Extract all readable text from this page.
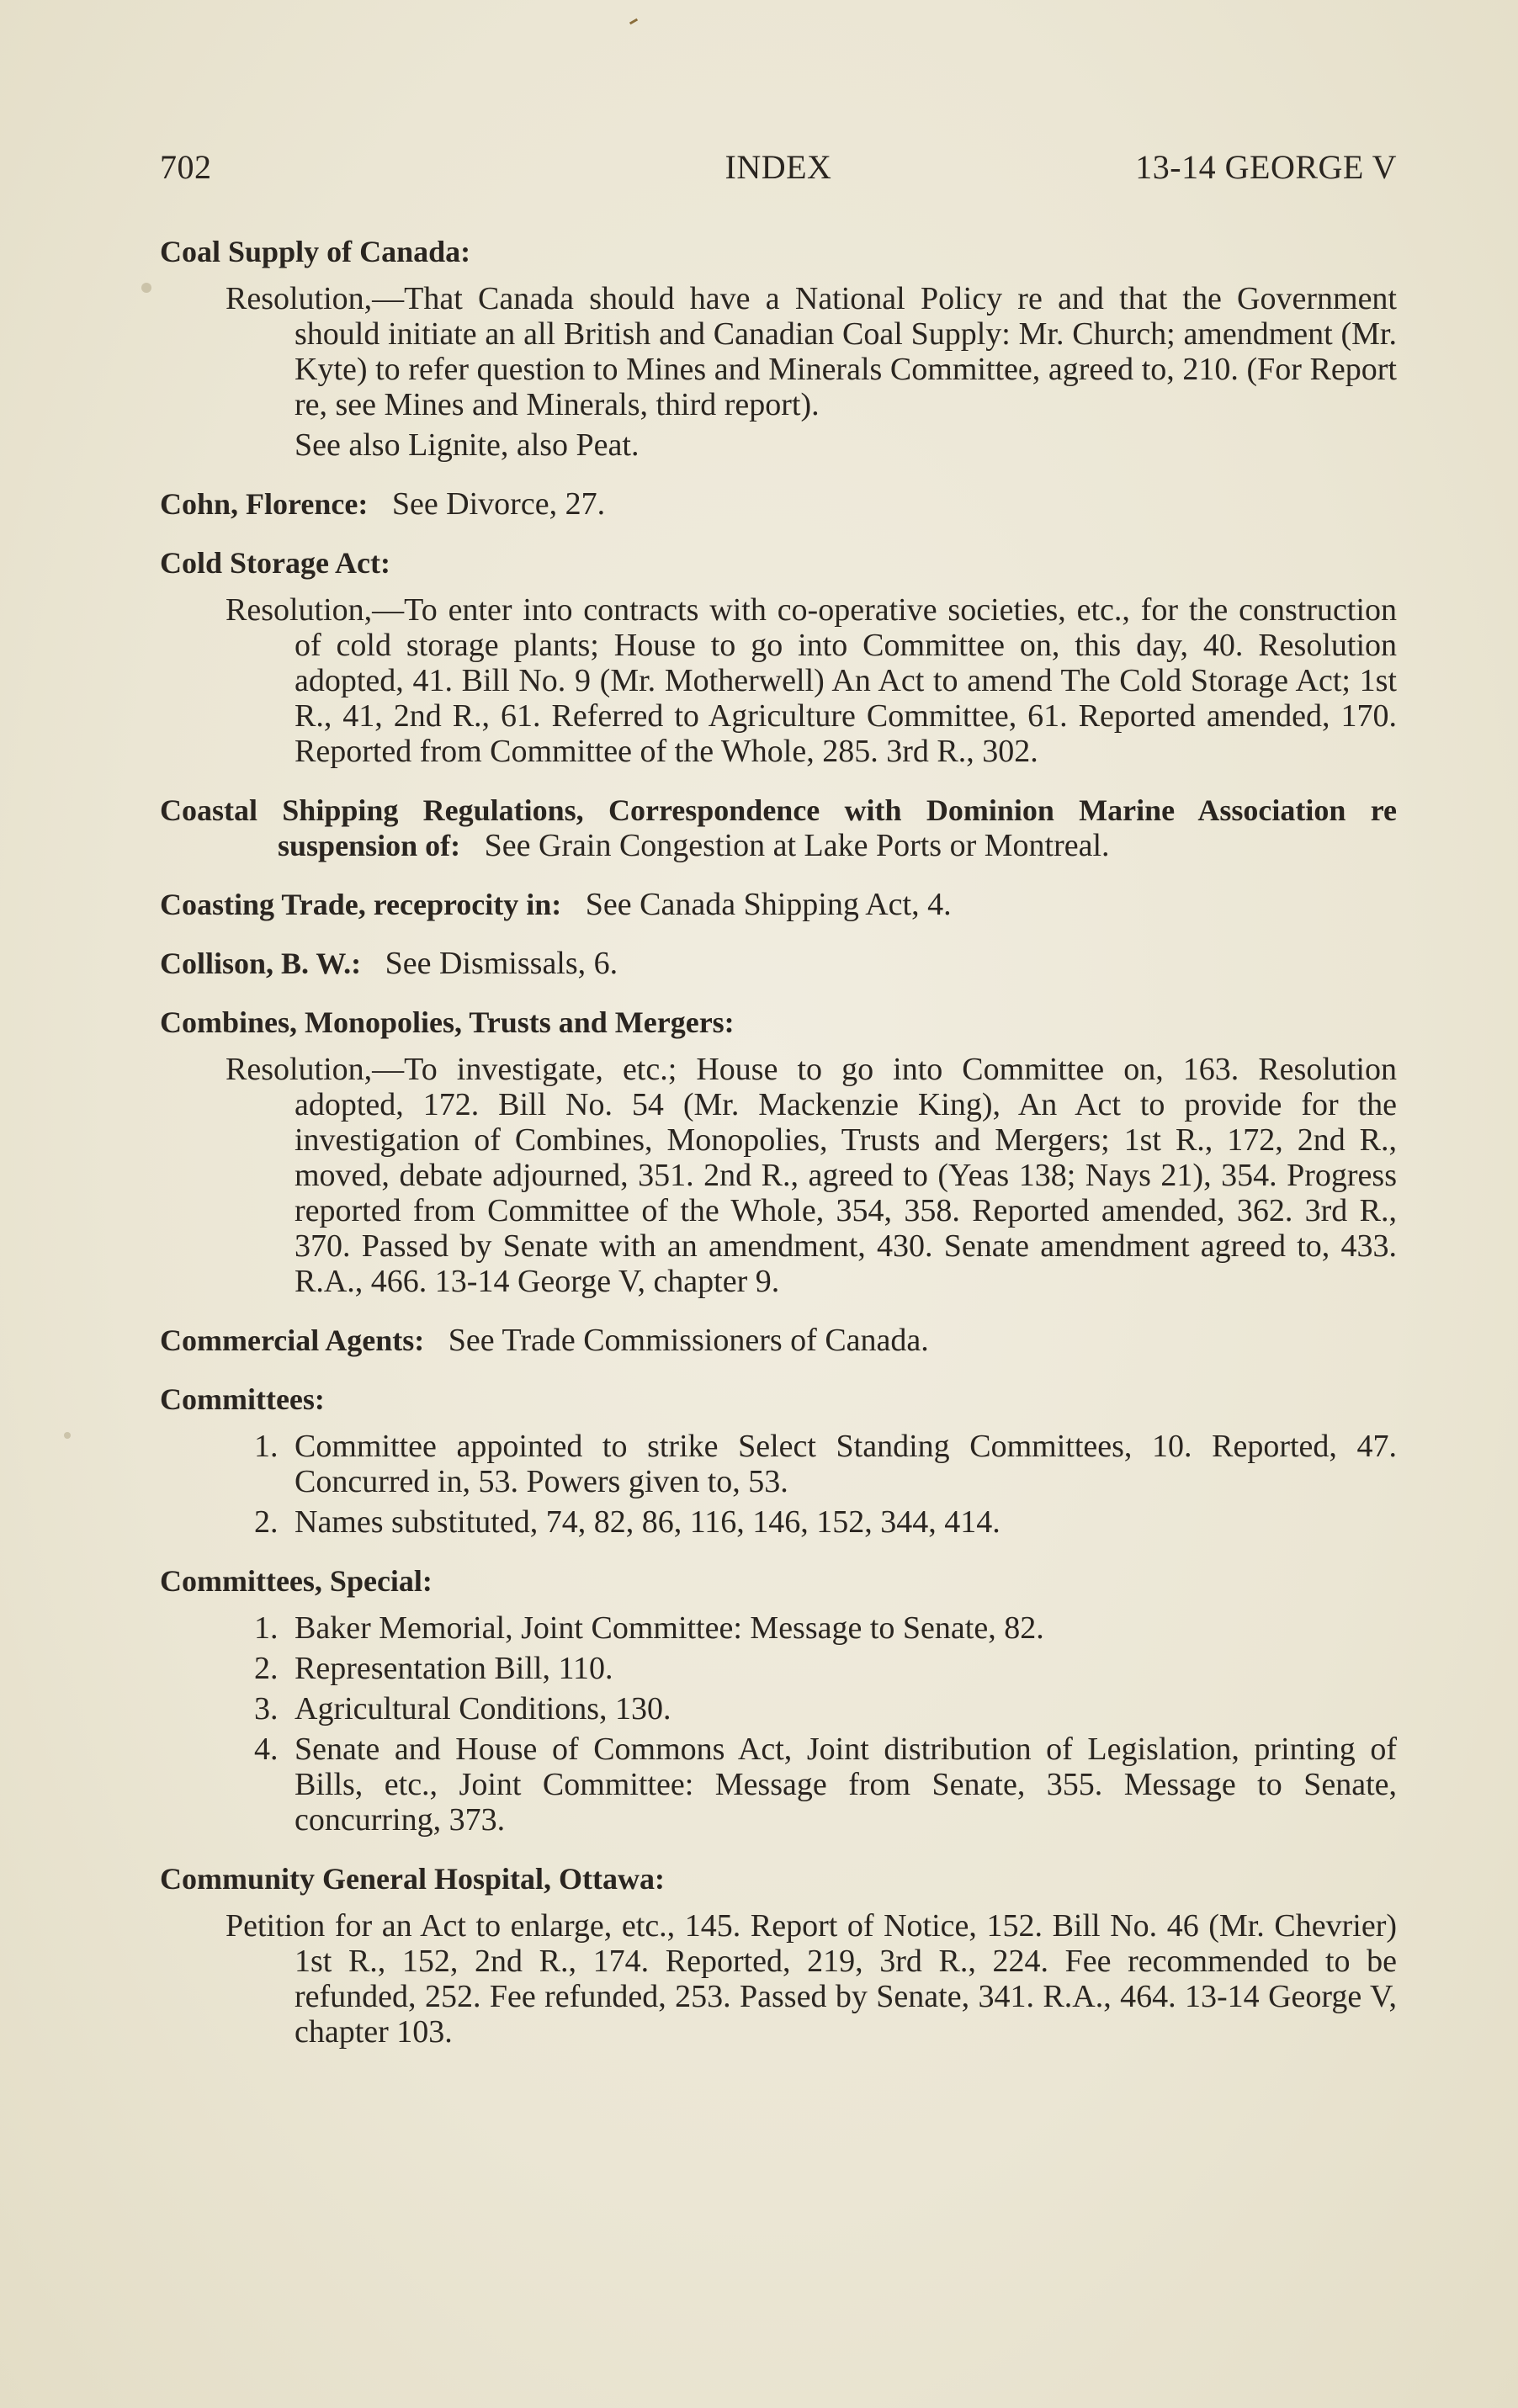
702	INDEX	13-14 GEORGE V
Coal Supply of Canada:
Resolution,—That Canada should have a National Policy re and that the Government should initiate an all British and Canadian Coal Supply: Mr. Church; amendment (Mr. Kyte) to refer question to Mines and Minerals Committee, agreed to, 210. (For Report re, see Mines and Minerals, third report).
See also Lignite, also Peat.
Cohn, Florence: See Divorce, 27.
Cold Storage Act:
Resolution,—To enter into contracts with co-operative societies, etc., for the construction of cold storage plants; House to go into Committee on, this day, 40. Resolution adopted, 41. Bill No. 9 (Mr. Motherwell) An Act to amend The Cold Storage Act; 1st R., 41, 2nd R., 61. Referred to Agriculture Committee, 61. Reported amended, 170. Reported from Committee of the Whole, 285. 3rd R., 302.
Coastal Shipping Regulations, Correspondence with Dominion Marine Association re suspension of: See Grain Congestion at Lake Ports or Montreal.
Coasting Trade, receprocity in: See Canada Shipping Act, 4.
Collison, B. W.: See Dismissals, 6.
Combines, Monopolies, Trusts and Mergers:
Resolution,—To investigate, etc.; House to go into Committee on, 163. Resolution adopted, 172. Bill No. 54 (Mr. Mackenzie King), An Act to provide for the investigation of Combines, Monopolies, Trusts and Mergers; 1st R., 172, 2nd R., moved, debate adjourned, 351. 2nd R., agreed to (Yeas 138; Nays 21), 354. Progress reported from Committee of the Whole, 354, 358. Reported amended, 362. 3rd R., 370. Passed by Senate with an amendment, 430. Senate amendment agreed to, 433. R.A., 466. 13-14 George V, chapter 9.
Commercial Agents: See Trade Commissioners of Canada.
Committees:
1. Committee appointed to strike Select Standing Committees, 10. Reported, 47. Concurred in, 53. Powers given to, 53.
2. Names substituted, 74, 82, 86, 116, 146, 152, 344, 414.
Committees, Special:
1. Baker Memorial, Joint Committee: Message to Senate, 82.
2. Representation Bill, 110.
3. Agricultural Conditions, 130.
4. Senate and House of Commons Act, Joint distribution of Legislation, printing of Bills, etc., Joint Committee: Message from Senate, 355. Message to Senate, concurring, 373.
Community General Hospital, Ottawa:
Petition for an Act to enlarge, etc., 145. Report of Notice, 152. Bill No. 46 (Mr. Chevrier) 1st R., 152, 2nd R., 174. Reported, 219, 3rd R., 224. Fee recommended to be refunded, 252. Fee refunded, 253. Passed by Senate, 341. R.A., 464. 13-14 George V, chapter 103.
